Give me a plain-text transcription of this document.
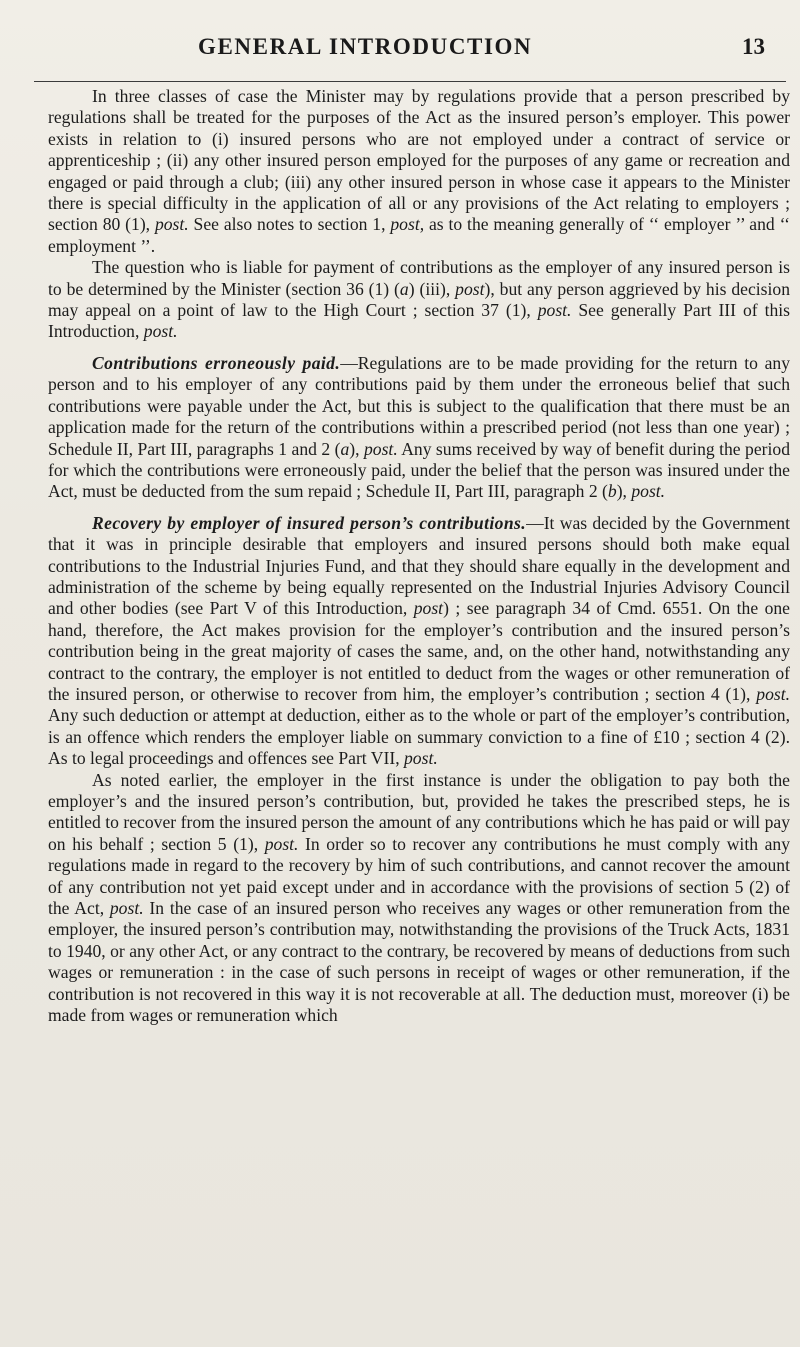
GENERAL INTRODUCTION	13

In three classes of case the Minister may by regulations provide that a person prescribed by regulations shall be treated for the purposes of the Act as the insured person’s employer. This power exists in relation to (i) insured persons who are not employed under a contract of service or apprenticeship ; (ii) any other insured person employed for the purposes of any game or recreation and engaged or paid through a club; (iii) any other insured person in whose case it appears to the Minister there is special difficulty in the application of all or any provisions of the Act relating to employers ; section 80 (1), post. See also notes to section 1, post, as to the meaning generally of ‘‘ employer ’’ and ‘‘ employment ’’.

The question who is liable for payment of contributions as the employer of any insured person is to be determined by the Minister (section 36 (1) (a) (iii), post), but any person aggrieved by his decision may appeal on a point of law to the High Court ; section 37 (1), post. See generally Part III of this Introduction, post.

Contributions erroneously paid.—Regulations are to be made providing for the return to any person and to his employer of any contributions paid by them under the erroneous belief that such contributions were payable under the Act, but this is subject to the qualification that there must be an application made for the return of the contributions within a prescribed period (not less than one year) ; Schedule II, Part III, paragraphs 1 and 2 (a), post. Any sums received by way of benefit during the period for which the contributions were erroneously paid, under the belief that the person was insured under the Act, must be deducted from the sum repaid ; Schedule II, Part III, paragraph 2 (b), post.

Recovery by employer of insured person’s contributions.—It was decided by the Government that it was in principle desirable that employers and insured persons should both make equal contributions to the Industrial Injuries Fund, and that they should share equally in the development and administration of the scheme by being equally represented on the Industrial Injuries Advisory Council and other bodies (see Part V of this Introduction, post) ; see paragraph 34 of Cmd. 6551. On the one hand, therefore, the Act makes provision for the employer’s contribution and the insured person’s contribution being in the great majority of cases the same, and, on the other hand, notwithstanding any contract to the contrary, the employer is not entitled to deduct from the wages or other remuneration of the insured person, or otherwise to recover from him, the employer’s contribution ; section 4 (1), post. Any such deduction or attempt at deduction, either as to the whole or part of the employer’s contribution, is an offence which renders the employer liable on summary conviction to a fine of £10 ; section 4 (2). As to legal proceedings and offences see Part VII, post.

As noted earlier, the employer in the first instance is under the obligation to pay both the employer’s and the insured person’s contribution, but, provided he takes the prescribed steps, he is entitled to recover from the insured person the amount of any contributions which he has paid or will pay on his behalf ; section 5 (1), post. In order so to recover any contributions he must comply with any regulations made in regard to the recovery by him of such contributions, and cannot recover the amount of any contribution not yet paid except under and in accordance with the provisions of section 5 (2) of the Act, post. In the case of an insured person who receives any wages or other remuneration from the employer, the insured person’s contribution may, notwithstanding the provisions of the Truck Acts, 1831 to 1940, or any other Act, or any contract to the contrary, be recovered by means of deductions from such wages or remuneration : in the case of such persons in receipt of wages or other remuneration, if the contribution is not recovered in this way it is not recoverable at all. The deduction must, moreover (i) be made from wages or remuneration which
